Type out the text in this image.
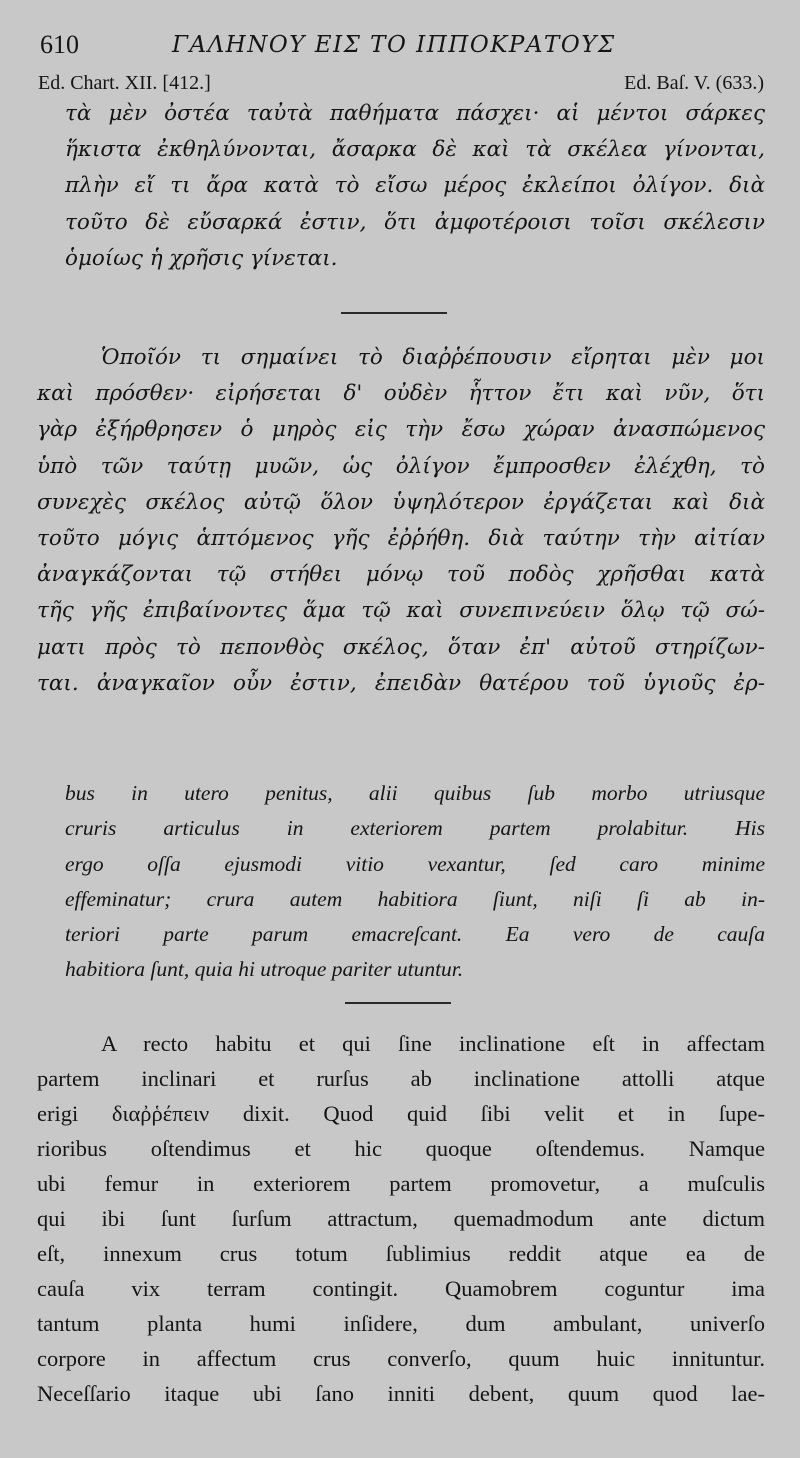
610	ΓΑΛΗΝΟΥ ΕΙΣ ΤΟ ΙΠΠΟΚΡΑΤΟΥΣ
Ed. Chart. XII. [412.]	Ed. Baſ. V. (633.)
τὰ μὲν ὀστέα ταὐτὰ παθήματα πάσχει· αἱ μέντοι σάρκες
ἥκιστα ἐκθηλύνονται, ἄσαρκα δὲ καὶ τὰ σκέλεα γίνονται,
πλὴν εἴ τι ἄρα κατὰ τὸ εἴσω μέρος ἐκλείποι ὀλίγον. διὰ
τοῦτο δὲ εὔσαρκά ἐστιν, ὅτι ἀμφοτέροισι τοῖσι σκέλεσιν
ὁμοίως ἡ χρῆσις γίνεται.
Ὁποῖόν τι σημαίνει τὸ διαῤῥέπουσιν εἴρηται μὲν μοι
καὶ πρόσθεν· εἰρήσεται δ' οὐδὲν ἧττον ἔτι καὶ νῦν, ὅτι
γὰρ ἐξήρθρησεν ὁ μηρὸς εἰς τὴν ἔσω χώραν ἀνασπώμενος
ὑπὸ τῶν ταύτῃ μυῶν, ὡς ὀλίγον ἔμπροσθεν ἐλέχθη, τὸ
συνεχὲς σκέλος αὐτῷ ὅλον ὑψηλότερον ἐργάζεται καὶ διὰ
τοῦτο μόγις ἁπτόμενος γῆς ἐῤῥήθη. διὰ ταύτην τὴν αἰτίαν
ἀναγκάζονται τῷ στήθει μόνῳ τοῦ ποδὸς χρῆσθαι κατὰ
τῆς γῆς ἐπιβαίνοντες ἅμα τῷ καὶ συνεπινεύειν ὅλῳ τῷ σώ-
ματι πρὸς τὸ πεπονθὸς σκέλος, ὅταν ἐπ' αὐτοῦ στηρίζων-
ται. ἀναγκαῖον οὖν ἐστιν, ἐπειδὰν θατέρου τοῦ ὑγιοῦς ἐρ-
bus in utero penitus, alii quibus ſub morbo utriusque
cruris articulus in exteriorem partem prolabitur. His
ergo oſſa ejusmodi vitio vexantur, ſed caro minime
effeminatur; crura autem habitiora ſiunt, niſi ſi ab in-
teriori parte parum emacreſcant. Ea vero de cauſa
habitiora ſunt, quia hi utroque pariter utuntur.
A recto habitu et qui ſine inclinatione eſt in affectam
partem inclinari et rurſus ab inclinatione attolli atque
erigi διαῤῥέπειν dixit. Quod quid ſibi velit et in ſupe-
rioribus oſtendimus et hic quoque oſtendemus. Namque
ubi femur in exteriorem partem promovetur, a muſculis
qui ibi ſunt ſurſum attractum, quemadmodum ante dictum
eſt, innexum crus totum ſublimius reddit atque ea de
cauſa vix terram contingit. Quamobrem coguntur ima
tantum planta humi inſidere, dum ambulant, univerſo
corpore in affectum crus converſo, quum huic innituntur.
Neceſſario itaque ubi ſano inniti debent, quum quod lae-
